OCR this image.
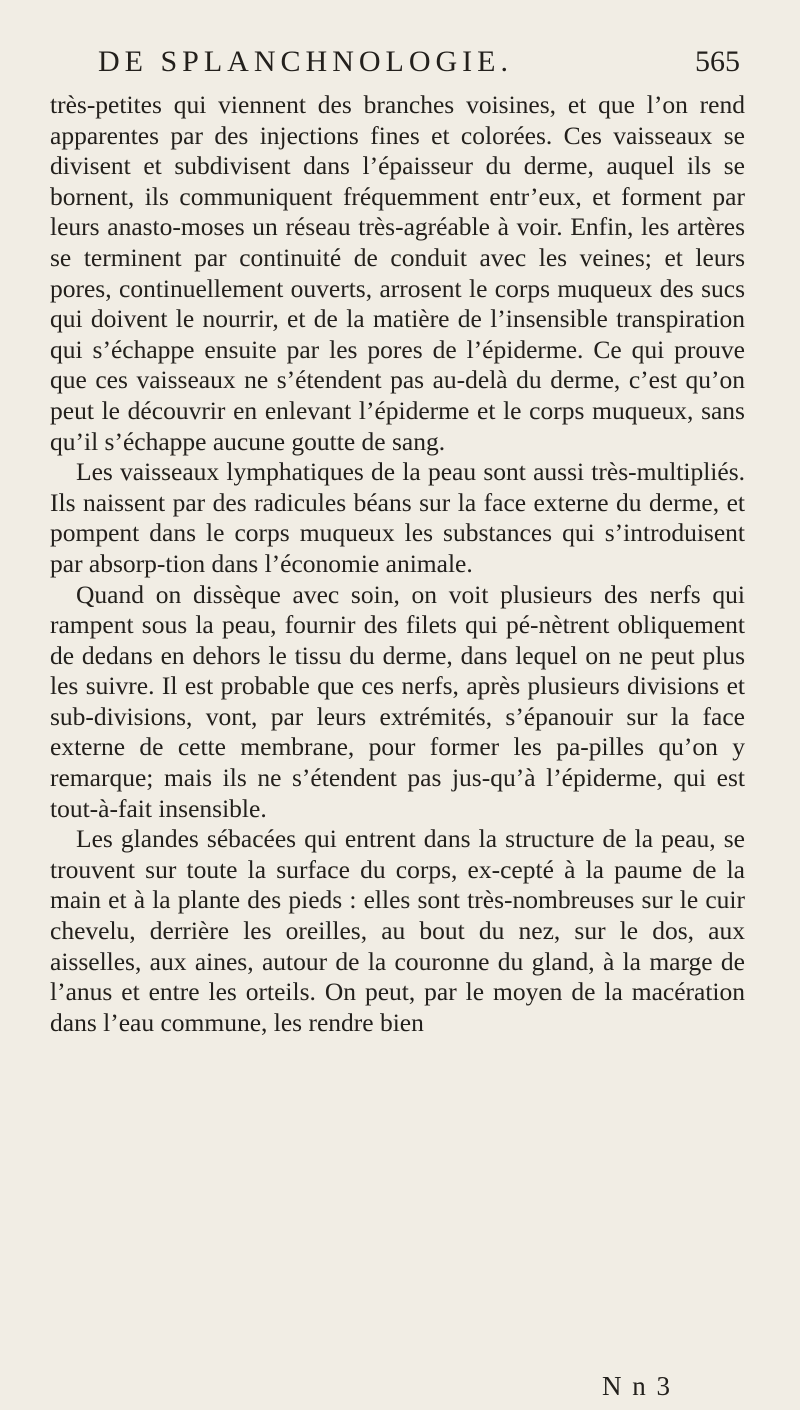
DE SPLANCHNOLOGIE.	565

très-petites qui viennent des branches voisines, et que l’on rend apparentes par des injections fines et colorées. Ces vaisseaux se divisent et subdivisent dans l’épaisseur du derme, auquel ils se bornent, ils communiquent fréquemment entr’eux, et forment par leurs anasto-moses un réseau très-agréable à voir. Enfin, les artères se terminent par continuité de conduit avec les veines; et leurs pores, continuellement ouverts, arrosent le corps muqueux des sucs qui doivent le nourrir, et de la matière de l’insensible transpiration qui s’échappe ensuite par les pores de l’épiderme. Ce qui prouve que ces vaisseaux ne s’étendent pas au-delà du derme, c’est qu’on peut le découvrir en enlevant l’épiderme et le corps muqueux, sans qu’il s’échappe aucune goutte de sang.

Les vaisseaux lymphatiques de la peau sont aussi très-multipliés. Ils naissent par des radicules béans sur la face externe du derme, et pompent dans le corps muqueux les substances qui s’introduisent par absorp-tion dans l’économie animale.

Quand on dissèque avec soin, on voit plusieurs des nerfs qui rampent sous la peau, fournir des filets qui pé-nètrent obliquement de dedans en dehors le tissu du derme, dans lequel on ne peut plus les suivre. Il est probable que ces nerfs, après plusieurs divisions et sub-divisions, vont, par leurs extrémités, s’épanouir sur la face externe de cette membrane, pour former les pa-pilles qu’on y remarque; mais ils ne s’étendent pas jus-qu’à l’épiderme, qui est tout-à-fait insensible.

Les glandes sébacées qui entrent dans la structure de la peau, se trouvent sur toute la surface du corps, ex-cepté à la paume de la main et à la plante des pieds : elles sont très-nombreuses sur le cuir chevelu, derrière les oreilles, au bout du nez, sur le dos, aux aisselles, aux aines, autour de la couronne du gland, à la marge de l’anus et entre les orteils. On peut, par le moyen de la macération dans l’eau commune, les rendre bien

N n 3
